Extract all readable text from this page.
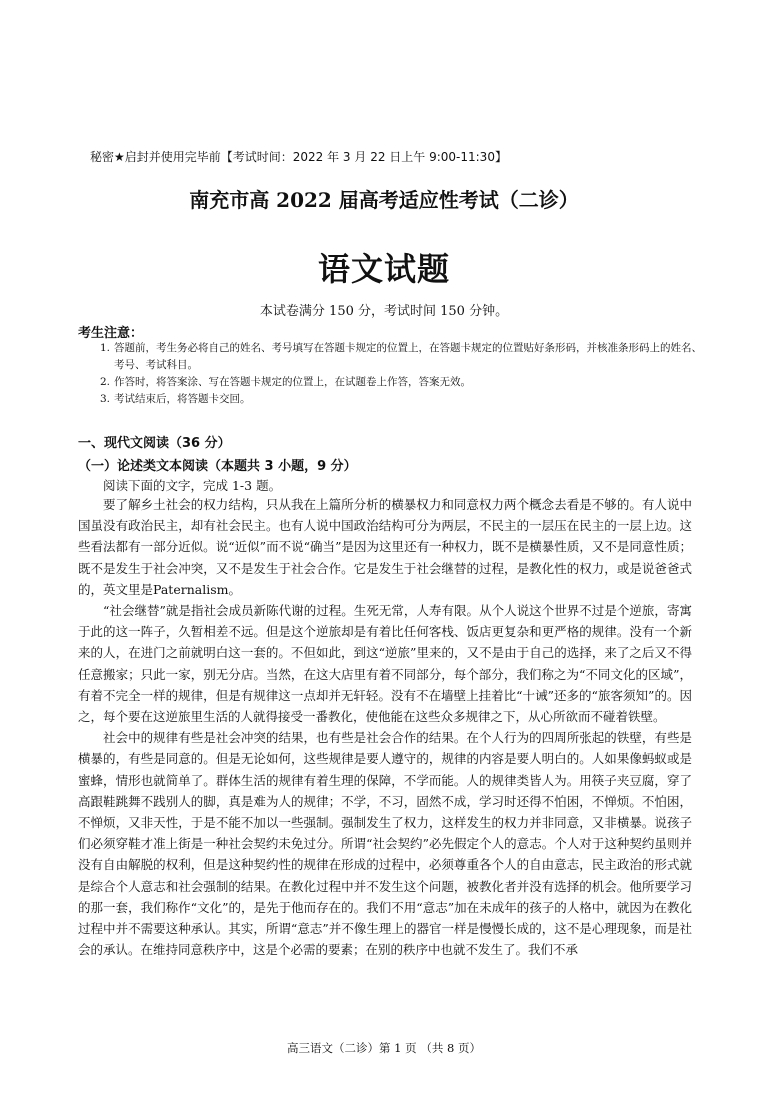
秘密★启封并使用完毕前【考试时间：2022 年 3 月 22 日上午 9:00-11:30】
南充市高 2022 届高考适应性考试（二诊）
语文试题
本试卷满分 150 分，考试时间 150 分钟。
考生注意：
1. 答题前，考生务必将自己的姓名、考号填写在答题卡规定的位置上，在答题卡规定的位置贴好条形码，并核准条形码上的姓名、考号、考试科目。
2. 作答时，将答案涂、写在答题卡规定的位置上，在试题卷上作答，答案无效。
3. 考试结束后，将答题卡交回。
一、现代文阅读（36 分）
（一）论述类文本阅读（本题共 3 小题，9 分）
阅读下面的文字，完成 1-3 题。

要了解乡土社会的权力结构，只从我在上篇所分析的横暴权力和同意权力两个概念去看是不够的。有人说中国虽没有政治民主，却有社会民主。也有人说中国政治结构可分为两层，不民主的一层压在民主的一层上边。这些看法都有一部分近似。说“近似”而不说“确当”是因为这里还有一种权力，既不是横暴性质，又不是同意性质；既不是发生于社会冲突，又不是发生于社会合作。它是发生于社会继替的过程，是教化性的权力，或是说爸爸式的，英文里是Paternalism。

“社会继替”就是指社会成员新陈代谢的过程。生死无常，人寿有限。从个人说这个世界不过是个逆旅，寄寓于此的这一阵子，久暂相差不远。但是这个逆旅却是有着比任何客栈、饭店更复杂和更严格的规律。没有一个新来的人，在进门之前就明白这一套的。不但如此，到这“逆旅”里来的，又不是由于自己的选择，来了之后又不得任意搬家；只此一家，别无分店。当然，在这大店里有着不同部分，每个部分，我们称之为“不同文化的区域”，有着不完全一样的规律，但是有规律这一点却并无轩轻。没有不在墙壁上挂着比“十诫”还多的“旅客须知”的。因之，每个要在这逆旅里生活的人就得接受一番教化，使他能在这些众多规律之下，从心所欲而不碰着铁壁。

社会中的规律有些是社会冲突的结果，也有些是社会合作的结果。在个人行为的四周所张起的铁壁，有些是横暴的，有些是同意的。但是无论如何，这些规律是要人遵守的，规律的内容是要人明白的。人如果像蚂蚁或是蜜蜂，情形也就简单了。群体生活的规律有着生理的保障，不学而能。人的规律类皆人为。用筷子夹豆腐，穿了高跟鞋跳舞不践别人的脚，真是难为人的规律；不学，不习，固然不成，学习时还得不怕困，不惮烦。不怕困，不惮烦，又非天性，于是不能不加以一些强制。强制发生了权力，这样发生的权力并非同意，又非横暴。说孩子们必须穿鞋才准上街是一种社会契约未免过分。所谓“社会契约”必先假定个人的意志。个人对于这种契约虽则并没有自由解脱的权利，但是这种契约性的规律在形成的过程中，必须尊重各个人的自由意志，民主政治的形式就是综合个人意志和社会强制的结果。在教化过程中并不发生这个问题，被教化者并没有选择的机会。他所要学习的那一套，我们称作“文化”的，是先于他而存在的。我们不用“意志”加在未成年的孩子的人格中，就因为在教化过程中并不需要这种承认。其实，所谓“意志”并不像生理上的器官一样是慢慢长成的，这不是心理现象，而是社会的承认。在维持同意秩序中，这是个必需的要素；在别的秩序中也就不发生了。我们不承

高三语文（二诊）第 1 页 （共 8 页）
